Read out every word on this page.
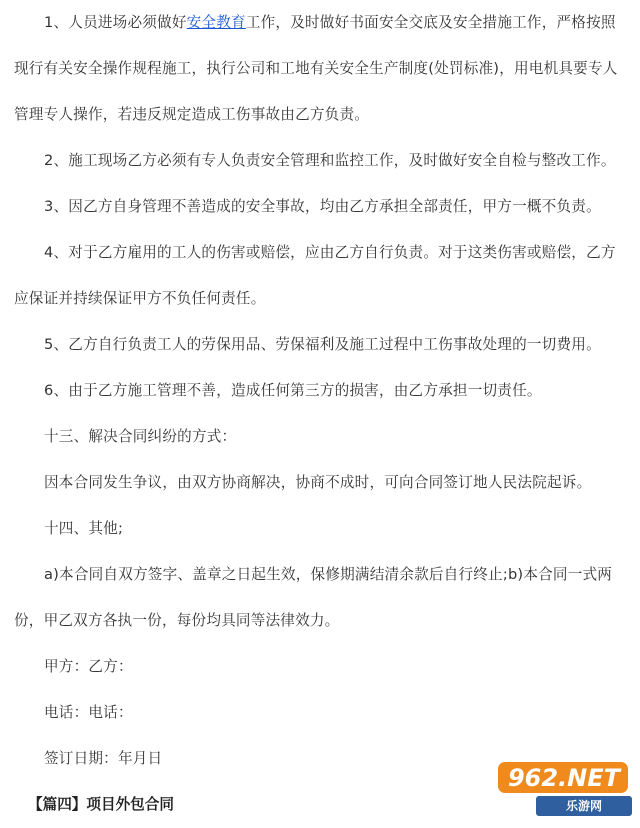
1、人员进场必须做好安全教育工作，及时做好书面安全交底及安全措施工作，严格按照现行有关安全操作规程施工，执行公司和工地有关安全生产制度(处罚标准)，用电机具要专人管理专人操作，若违反规定造成工伤事故由乙方负责。

2、施工现场乙方必须有专人负责安全管理和监控工作，及时做好安全自检与整改工作。

3、因乙方自身管理不善造成的安全事故，均由乙方承担全部责任，甲方一概不负责。

4、对于乙方雇用的工人的伤害或赔偿，应由乙方自行负责。对于这类伤害或赔偿，乙方应保证并持续保证甲方不负任何责任。

5、乙方自行负责工人的劳保用品、劳保福利及施工过程中工伤事故处理的一切费用。

6、由于乙方施工管理不善，造成任何第三方的损害，由乙方承担一切责任。

十三、解决合同纠纷的方式：

因本合同发生争议，由双方协商解决，协商不成时，可向合同签订地人民法院起诉。

十四、其他;

a)本合同自双方签字、盖章之日起生效，保修期满结清余款后自行终止;b)本合同一式两份，甲乙双方各执一份，每份均具同等法律效力。

甲方：乙方：

电话：电话：

签订日期：年月日

【篇四】项目外包合同

962.NET
乐游网
